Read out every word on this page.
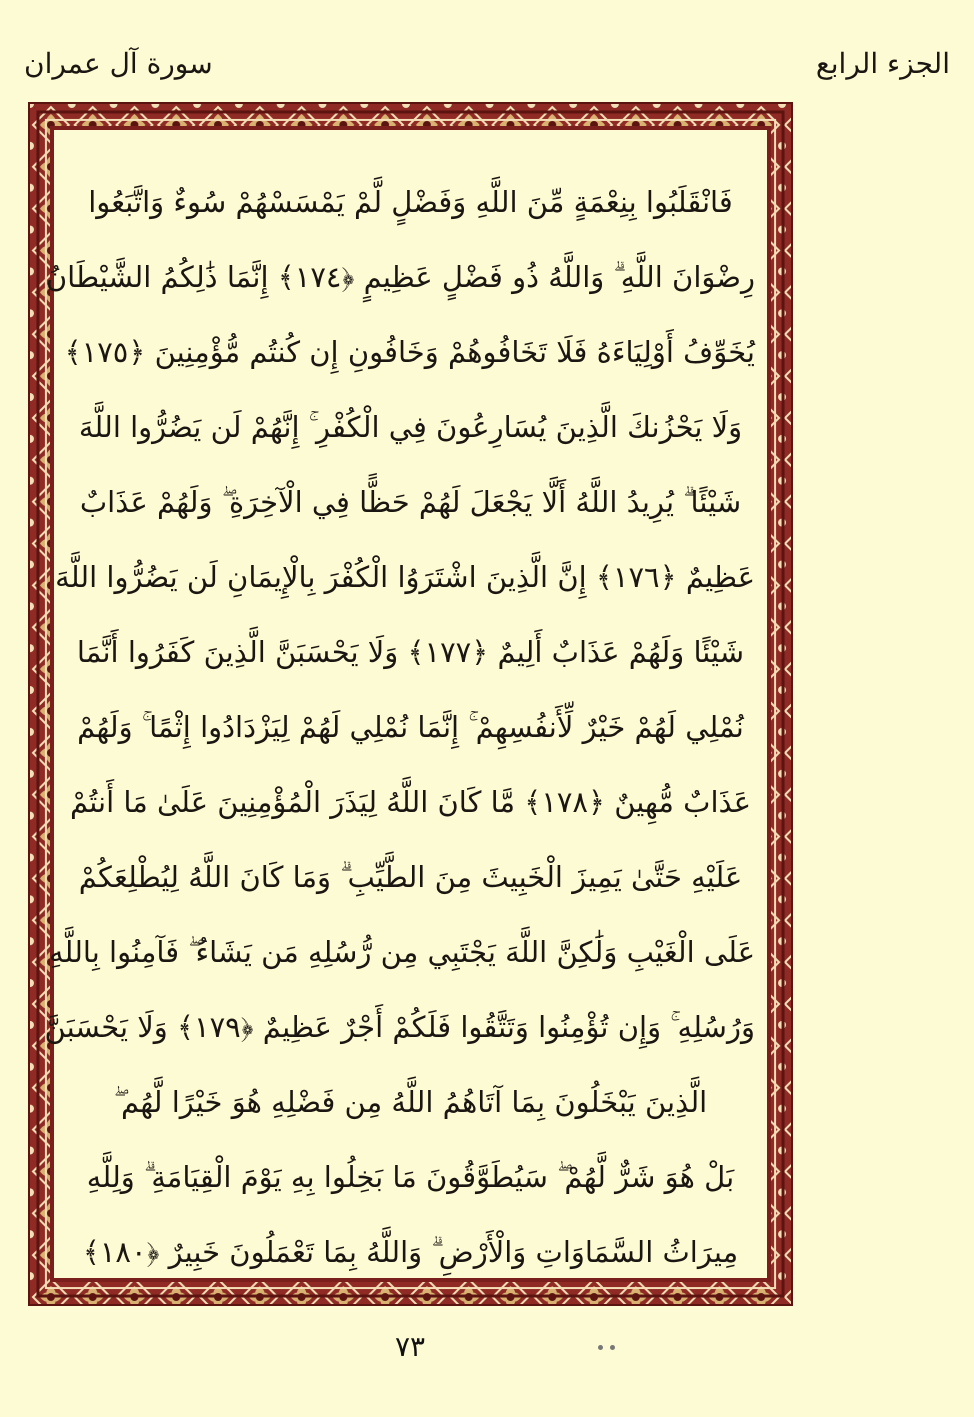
الجزء الرابع
سورة آل عمران
فَانْقَلَبُوا بِنِعْمَةٍ مِّنَ اللَّهِ وَفَضْلٍ لَّمْ يَمْسَسْهُمْ سُوءٌ وَاتَّبَعُوا
رِضْوَانَ اللَّهِ ۗ وَاللَّهُ ذُو فَضْلٍ عَظِيمٍ ﴿١٧٤﴾ إِنَّمَا ذَٰلِكُمُ الشَّيْطَانُ
يُخَوِّفُ أَوْلِيَاءَهُ فَلَا تَخَافُوهُمْ وَخَافُونِ إِن كُنتُم مُّؤْمِنِينَ ﴿١٧٥﴾
وَلَا يَحْزُنكَ الَّذِينَ يُسَارِعُونَ فِي الْكُفْرِ ۚ إِنَّهُمْ لَن يَضُرُّوا اللَّهَ
شَيْئًا ۗ يُرِيدُ اللَّهُ أَلَّا يَجْعَلَ لَهُمْ حَظًّا فِي الْآخِرَةِ ۖ وَلَهُمْ عَذَابٌ
عَظِيمٌ ﴿١٧٦﴾ إِنَّ الَّذِينَ اشْتَرَوُا الْكُفْرَ بِالْإِيمَانِ لَن يَضُرُّوا اللَّهَ
شَيْئًا وَلَهُمْ عَذَابٌ أَلِيمٌ ﴿١٧٧﴾ وَلَا يَحْسَبَنَّ الَّذِينَ كَفَرُوا أَنَّمَا
نُمْلِي لَهُمْ خَيْرٌ لِّأَنفُسِهِمْ ۚ إِنَّمَا نُمْلِي لَهُمْ لِيَزْدَادُوا إِثْمًا ۚ وَلَهُمْ
عَذَابٌ مُّهِينٌ ﴿١٧٨﴾ مَّا كَانَ اللَّهُ لِيَذَرَ الْمُؤْمِنِينَ عَلَىٰ مَا أَنتُمْ
عَلَيْهِ حَتَّىٰ يَمِيزَ الْخَبِيثَ مِنَ الطَّيِّبِ ۗ وَمَا كَانَ اللَّهُ لِيُطْلِعَكُمْ
عَلَى الْغَيْبِ وَلَٰكِنَّ اللَّهَ يَجْتَبِي مِن رُّسُلِهِ مَن يَشَاءُ ۖ فَآمِنُوا بِاللَّهِ
وَرُسُلِهِ ۚ وَإِن تُؤْمِنُوا وَتَتَّقُوا فَلَكُمْ أَجْرٌ عَظِيمٌ ﴿١٧٩﴾ وَلَا يَحْسَبَنَّ
الَّذِينَ يَبْخَلُونَ بِمَا آتَاهُمُ اللَّهُ مِن فَضْلِهِ هُوَ خَيْرًا لَّهُم ۖ
بَلْ هُوَ شَرٌّ لَّهُمْ ۖ سَيُطَوَّقُونَ مَا بَخِلُوا بِهِ يَوْمَ الْقِيَامَةِ ۗ وَلِلَّهِ
مِيرَاثُ السَّمَاوَاتِ وَالْأَرْضِ ۗ وَاللَّهُ بِمَا تَعْمَلُونَ خَبِيرٌ ﴿١٨٠﴾
٧٣
